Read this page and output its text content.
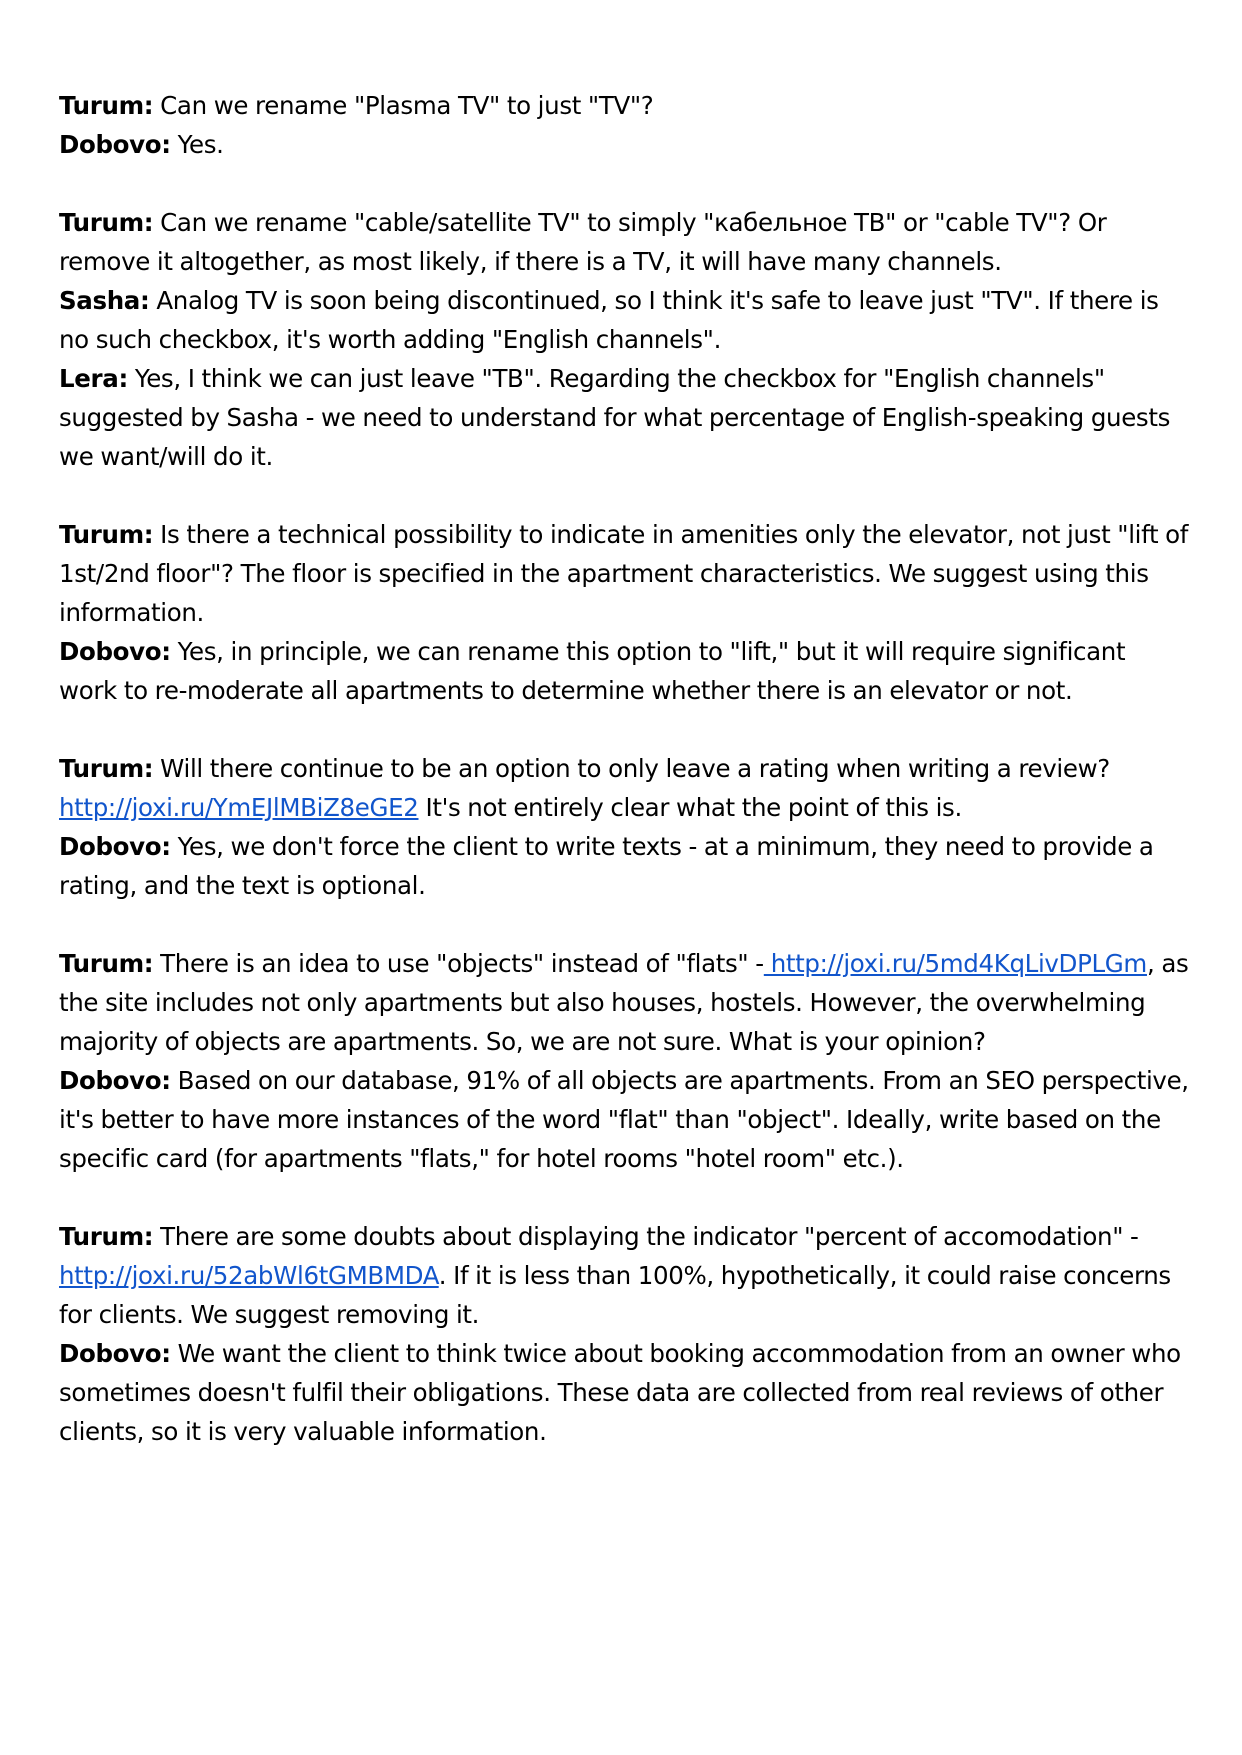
Turum: Can we rename "Plasma TV" to just "TV"?

Dobovo: Yes.

Turum: Can we rename "cable/satellite TV" to simply "кабельное ТВ" or "cable TV"? Or remove it altogether, as most likely, if there is a TV, it will have many channels.

Sasha: Analog TV is soon being discontinued, so I think it's safe to leave just "TV". If there is no such checkbox, it's worth adding "English channels".

Lera: Yes, I think we can just leave "ТВ". Regarding the checkbox for "English channels" suggested by Sasha - we need to understand for what percentage of English-speaking guests we want/will do it.

Turum: Is there a technical possibility to indicate in amenities only the elevator, not just "lift of 1st/2nd floor"? The floor is specified in the apartment characteristics. We suggest using this information.

Dobovo: Yes, in principle, we can rename this option to "lift," but it will require significant work to re-moderate all apartments to determine whether there is an elevator or not.

Turum: Will there continue to be an option to only leave a rating when writing a review? http://joxi.ru/YmEJlMBiZ8eGE2 It's not entirely clear what the point of this is.

Dobovo: Yes, we don't force the client to write texts - at a minimum, they need to provide a rating, and the text is optional.

Turum: There is an idea to use "objects" instead of "flats" - http://joxi.ru/5md4KqLivDPLGm, as the site includes not only apartments but also houses, hostels. However, the overwhelming majority of objects are apartments. So, we are not sure. What is your opinion?

Dobovo: Based on our database, 91% of all objects are apartments. From an SEO perspective, it's better to have more instances of the word "flat" than "object". Ideally, write based on the specific card (for apartments "flats," for hotel rooms "hotel room" etc.).

Turum: There are some doubts about displaying the indicator "percent of accomodation" - http://joxi.ru/52abWl6tGMBMDA. If it is less than 100%, hypothetically, it could raise concerns for clients. We suggest removing it.

Dobovo: We want the client to think twice about booking accommodation from an owner who sometimes doesn't fulfil their obligations. These data are collected from real reviews of other clients, so it is very valuable information.
